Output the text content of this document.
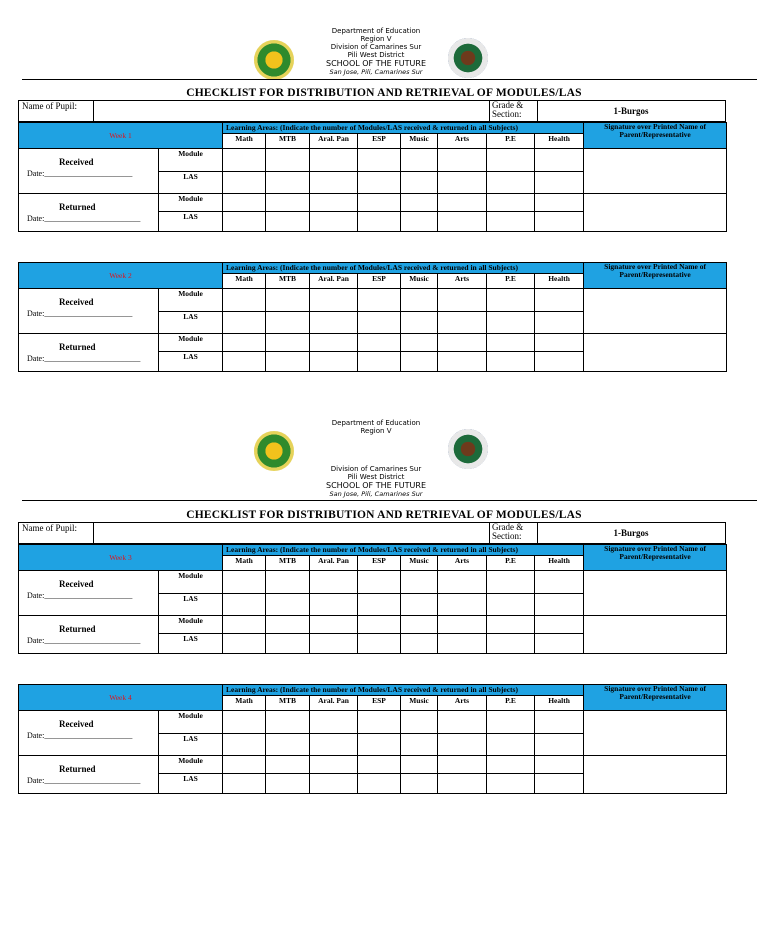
Department of Education
Region V
Division of Camarines Sur
Pili West District
SCHOOL OF THE FUTURE
San Jose, Pili, Camarines Sur
CHECKLIST FOR DISTRIBUTION AND RETRIEVAL OF MODULES/LAS
Name of Pupil:	Grade &
Section:	1-Burgos
Week 1		Learning Areas: (Indicate the number of Modules/LAS received & returned in all Subjects)								Signature over Printed Name of Parent/Representative
		Math	MTB	Aral. Pan	ESP	Music	Arts	P.E	Health	

Received
Date:______________________	Module									
	LAS									

Returned
Date:________________________	Module									
	LAS									
Week 2		Learning Areas: (Indicate the number of Modules/LAS received & returned in all Subjects)								Signature over Printed Name of Parent/Representative
		Math	MTB	Aral. Pan	ESP	Music	Arts	P.E	Health	

Received
Date:______________________	Module									
	LAS									

Returned
Date:________________________	Module									
	LAS									
Week 3		Learning Areas: (Indicate the number of Modules/LAS received & returned in all Subjects)								Signature over Printed Name of Parent/Representative
		Math	MTB	Aral. Pan	ESP	Music	Arts	P.E	Health	

Received
Date:______________________	Module									
	LAS									

Returned
Date:________________________	Module									
	LAS									
Week 4		Learning Areas: (Indicate the number of Modules/LAS received & returned in all Subjects)								Signature over Printed Name of Parent/Representative
		Math	MTB	Aral. Pan	ESP	Music	Arts	P.E	Health	

Received
Date:______________________	Module									
	LAS									

Returned
Date:________________________	Module									
	LAS									
Department of Education
Region V
Division of Camarines Sur
Pili West District
SCHOOL OF THE FUTURE
San Jose, Pili, Camarines Sur
CHECKLIST FOR DISTRIBUTION AND RETRIEVAL OF MODULES/LAS
Name of Pupil:	Grade &
Section:	1-Burgos
